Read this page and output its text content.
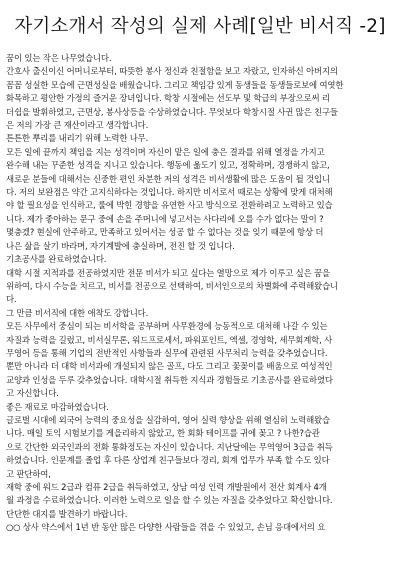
자기소개서 작성의 실제 사례[일반 비서직 -2]
꿈이 있는 작은 나무였습니다.
간호사 출신이신 어머니로부터, 따뜻한 봉사 정신과 친절함을 보고 자랐고, 인자하신 아버지의
꼼꼼 성실한 모습에 근면성실을 배웠습니다. 그리고 책임감 있게 동생들을 동생들로보에 여엿한
화목하고 평안한 가정의 즐거운 장녀입니다. 학창 시절에는 선도부 및 학급의 부장으로써 리
더쉽을 발휘하였고, 근면상, 봉사상등을 수상하였습니다. 무엇보다 학창시절 사귄 많은 친구들
은 저의 가장 큰 재산이라고 생각합니다.
튼튼한 뿌리를 내리기 위해 노력한 나무.
모든 일에 끝까지 책임을 지는 성격이며 자신이 맡은 일에 충은 결과를 위해 열정을 가지고
완수해 내는 꾸준한 성격을 지니고 있습니다. 행동에 옮도기 있고, 정확하며, 경쟁하지 않고,
새로운 분들에 대해서는 신중한 편인 차분한 저의 성격은 비서생활에 많은 도움이 될 것입니
다. 저의 보완점은 약간 고지식하다는 것입니다. 하지만 비서로서 때로는 상황에 맞게 대처해
야 할 필요성을 인식하고, 룰에 박힌 경향을 유연한 사고 방식으로 전환하려고 노력하고 있습
니다. 제가 좋아하는 문구 중에 손을 주머니에 넣고서는 사다리에 오를 수가 없다는 말이 ?
몇충겠? 현실에 안주하고, 만족하고 있어서는 성공 할 수 없다는 것을 잊기 때문에 항상 더
나은 삶을 살기 바라며, 자기계발에 충실하며, 전진 할 것 입니다.
기초공사를 완료하였습니다.
대학 시절 지적과를 전공하였지만 전문 비서가 되고 싶다는 열망으로 제가 이루고 싶은 꿈을
위하여, 다시 수능을 치르고, 비서를 전공으로 선택하여, 비서인으로의 차별화에 주력해왔습니
다.
그 만큼 비서직에 대한 애착도 강합니다.
모든 사무에서 중심이 되는 비서학을 공부하며 사무환경에 능동적으로 대처해 나갈 수 있는
자질과 능력을 길렀고, 비서실무론, 워드프로세서, 파워포인트, 엑셀, 경영학, 세무회계학, 사
무영어 등을 통해 기업의 전반적인 사항들과 실무에 관련된 사무처리 능력을 갖추었습니다.
뿐만 아니라 더 대학 비서과에 개설되지 않은 골프, 다도 그리고 꽃꽂이를 배움으로 여성적인
교양과 인성을 두루 갖추었습니다. 대학시절 취득한 지식과 경험들로 기초공사를 완료하였다
고 자신합니다.
좋은 재료로 마감하였습니다.
글로벌 시대에 외국어 능력의 중요성을 실감하여, 영어 실력 향상을 위해 열심히 노력해왔습
니다. 매일 토익 시험보기를 게을리하지 않았고, 한 회화 테이프를 귀에 꽂고 ? 나한?습관
으로 간단한 외국인과의 전화 통화정도는 자신이 있습니다. 지난달에는 무역영어 3급을 취득
하였습니다. 인문계를 졸업 후 다른 상업계 친구들보다 경리, 회계 업무가 부족 할 수도 있다
고 판단하여,
재학 중에 워드 2급과 컴퓨 2급을 취득하였고, 상남 여성 인력 개발원에서 전산 회계사 4개
월 과정을 수료하였습니다. 이러한 노력으로 일을 할 수 있는 자질을 갖추었다고 확신합니다.
단단한 대지를 발견하기 바랍니다.
○○ 상사 약스에서 1년 반 동안 많은 다양한 사람들을 겪을 수 있었고, 손님 응대에서의 요
